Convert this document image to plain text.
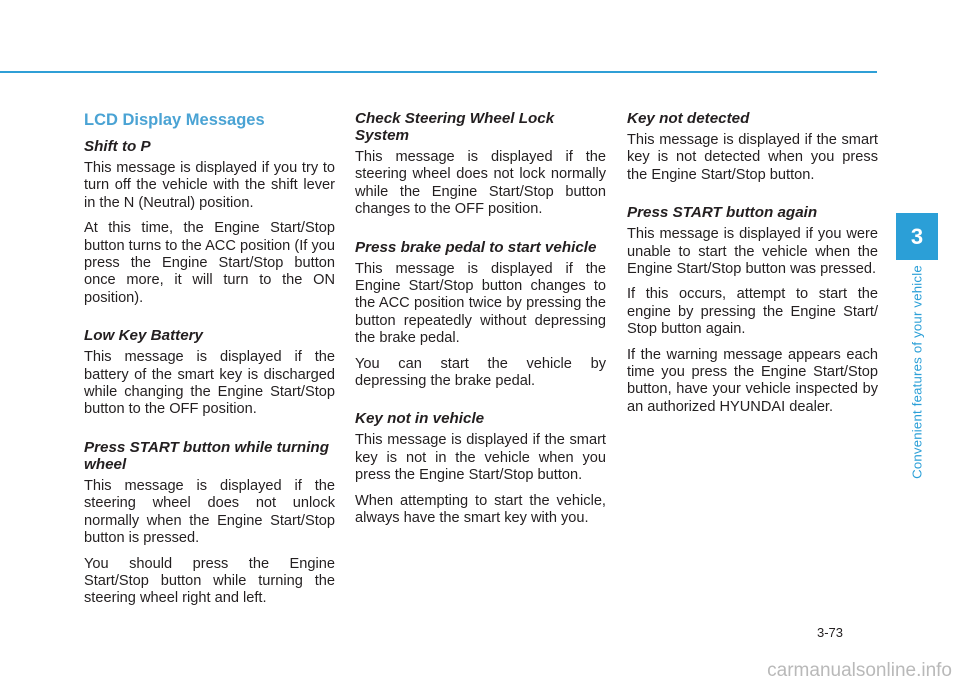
LCD Display Messages
Shift to P
This message is displayed if you try to turn off the vehicle with the shift lever in the N (Neutral) position.
At this time, the Engine Start/Stop button turns to the ACC position (If you press the Engine Start/Stop button once more, it will turn to the ON position).
Low Key Battery
This message is displayed if the battery of the smart key is discharged while changing the Engine Start/Stop button to the OFF position.
Press START button while turning wheel
This message is displayed if the steering wheel does not unlock normally when the Engine Start/Stop button is pressed.
You should press the Engine Start/Stop button while turning the steering wheel right and left.
Check Steering Wheel Lock System
This message is displayed if the steering wheel does not lock normally while the Engine Start/Stop button changes to the OFF position.
Press brake pedal to start vehicle
This message is displayed if the Engine Start/Stop button changes to the ACC position twice by pressing the button repeatedly without depressing the brake pedal.
You can start the vehicle by depressing the brake pedal.
Key not in vehicle
This message is displayed if the smart key is not in the vehicle when you press the Engine Start/Stop button.
When attempting to start the vehicle, always have the smart key with you.
Key not detected
This message is displayed if the smart key is not detected when you press the Engine Start/Stop button.
Press START button again
This message is displayed if you were unable to start the vehicle when the Engine Start/Stop button was pressed.
If this occurs, attempt to start the engine by pressing the Engine Start/ Stop button again.
If the warning message appears each time you press the Engine Start/Stop button, have your vehicle inspected by an authorized HYUNDAI dealer.
3
Convenient features of your vehicle
3-73
carmanualsonline.info
